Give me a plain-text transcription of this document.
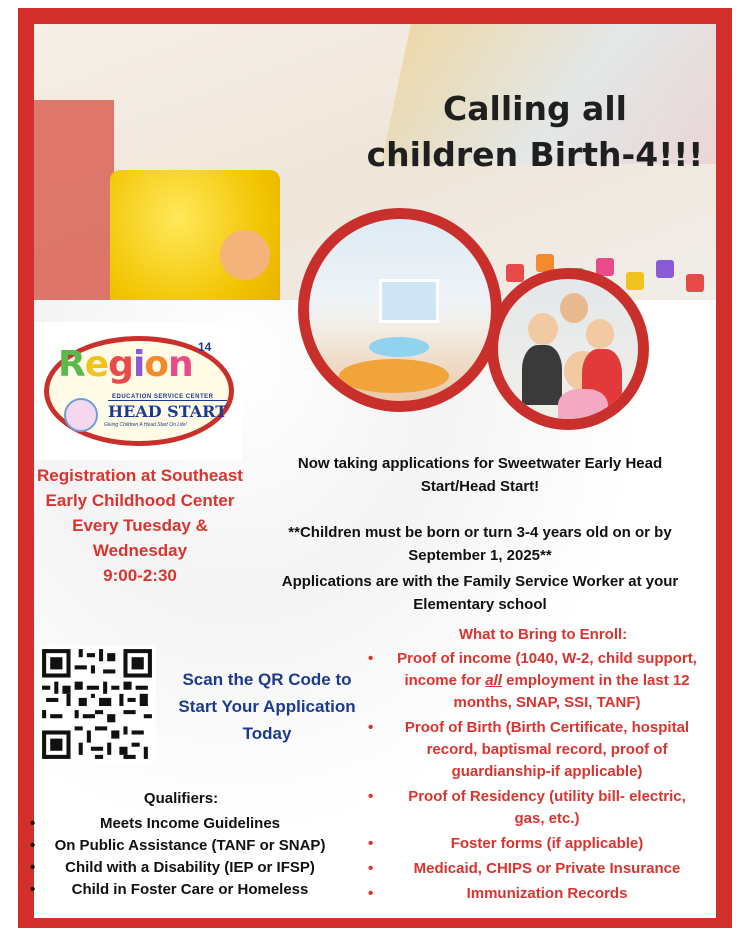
Calling all
children Birth-4!!!
Region 14
EDUCATION SERVICE CENTER
HEAD START
Giving Children A Head Start On Life!
Registration at Southeast
Early Childhood Center
Every Tuesday &
Wednesday
9:00-2:30
Now taking applications for Sweetwater Early Head
Start/Head Start!
**Children must be born or turn 3-4 years old on or by
September 1, 2025**
Applications are with the Family Service Worker at your
Elementary school
Scan the QR Code to
Start Your Application
Today
What to Bring to Enroll:
•	Proof of income (1040, W-2, child support,
income for all employment in the last 12
months, SNAP, SSI, TANF)
•	Proof of Birth (Birth Certificate, hospital
record, baptismal record, proof of
guardianship-if applicable)
•	Proof of Residency (utility bill- electric,
gas, etc.)
•	Foster forms (if applicable)
•	Medicaid, CHIPS or Private Insurance
•	Immunization Records
Qualifiers:
•	Meets Income Guidelines
• On Public Assistance (TANF or SNAP)
• Child with a Disability (IEP or IFSP)
• Child in Foster Care or Homeless
